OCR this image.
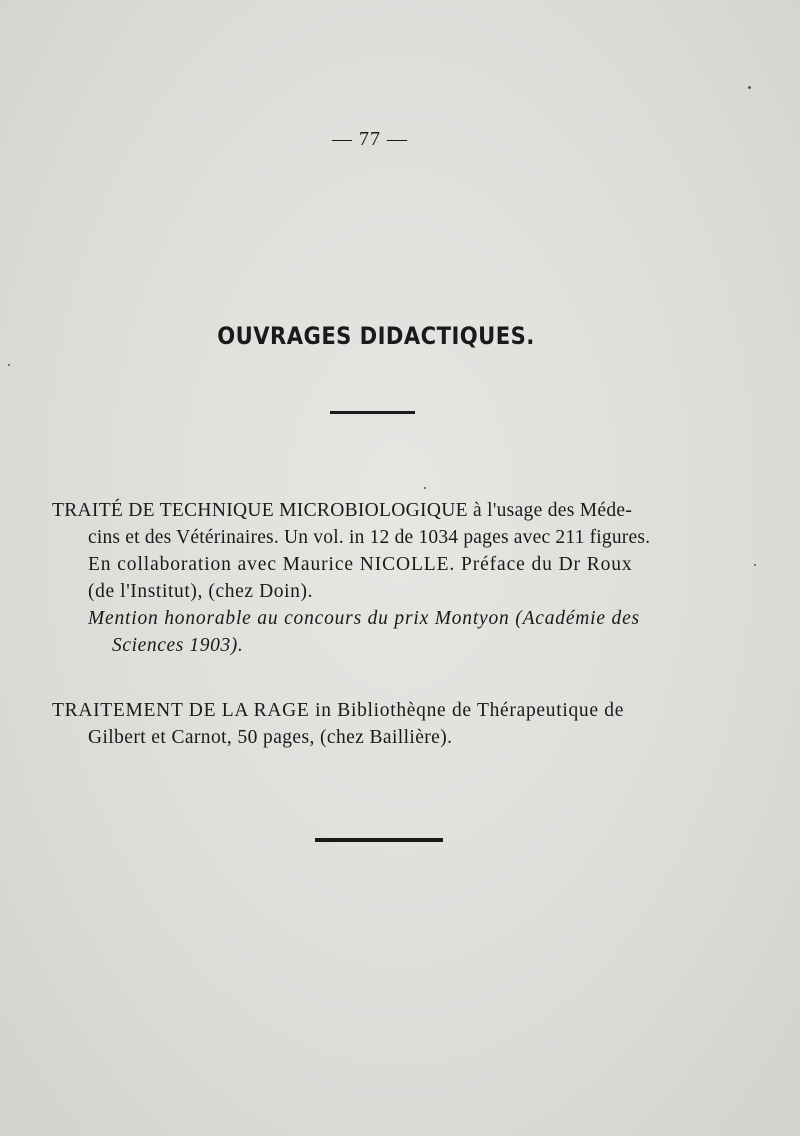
— 77 —
OUVRAGES DIDACTIQUES.
TRAITÉ DE TECHNIQUE MICROBIOLOGIQUE à l'usage des Méde-
cins et des Vétérinaires. Un vol. in 12 de 1034 pages avec 211 figures.
En collaboration avec Maurice NICOLLE. Préface du Dr Roux
(de l'Institut), (chez Doin).
Mention honorable au concours du prix Montyon (Académie des
Sciences 1903).
TRAITEMENT DE LA RAGE in Bibliothèqne de Thérapeutique de
Gilbert et Carnot, 50 pages, (chez Baillière).
